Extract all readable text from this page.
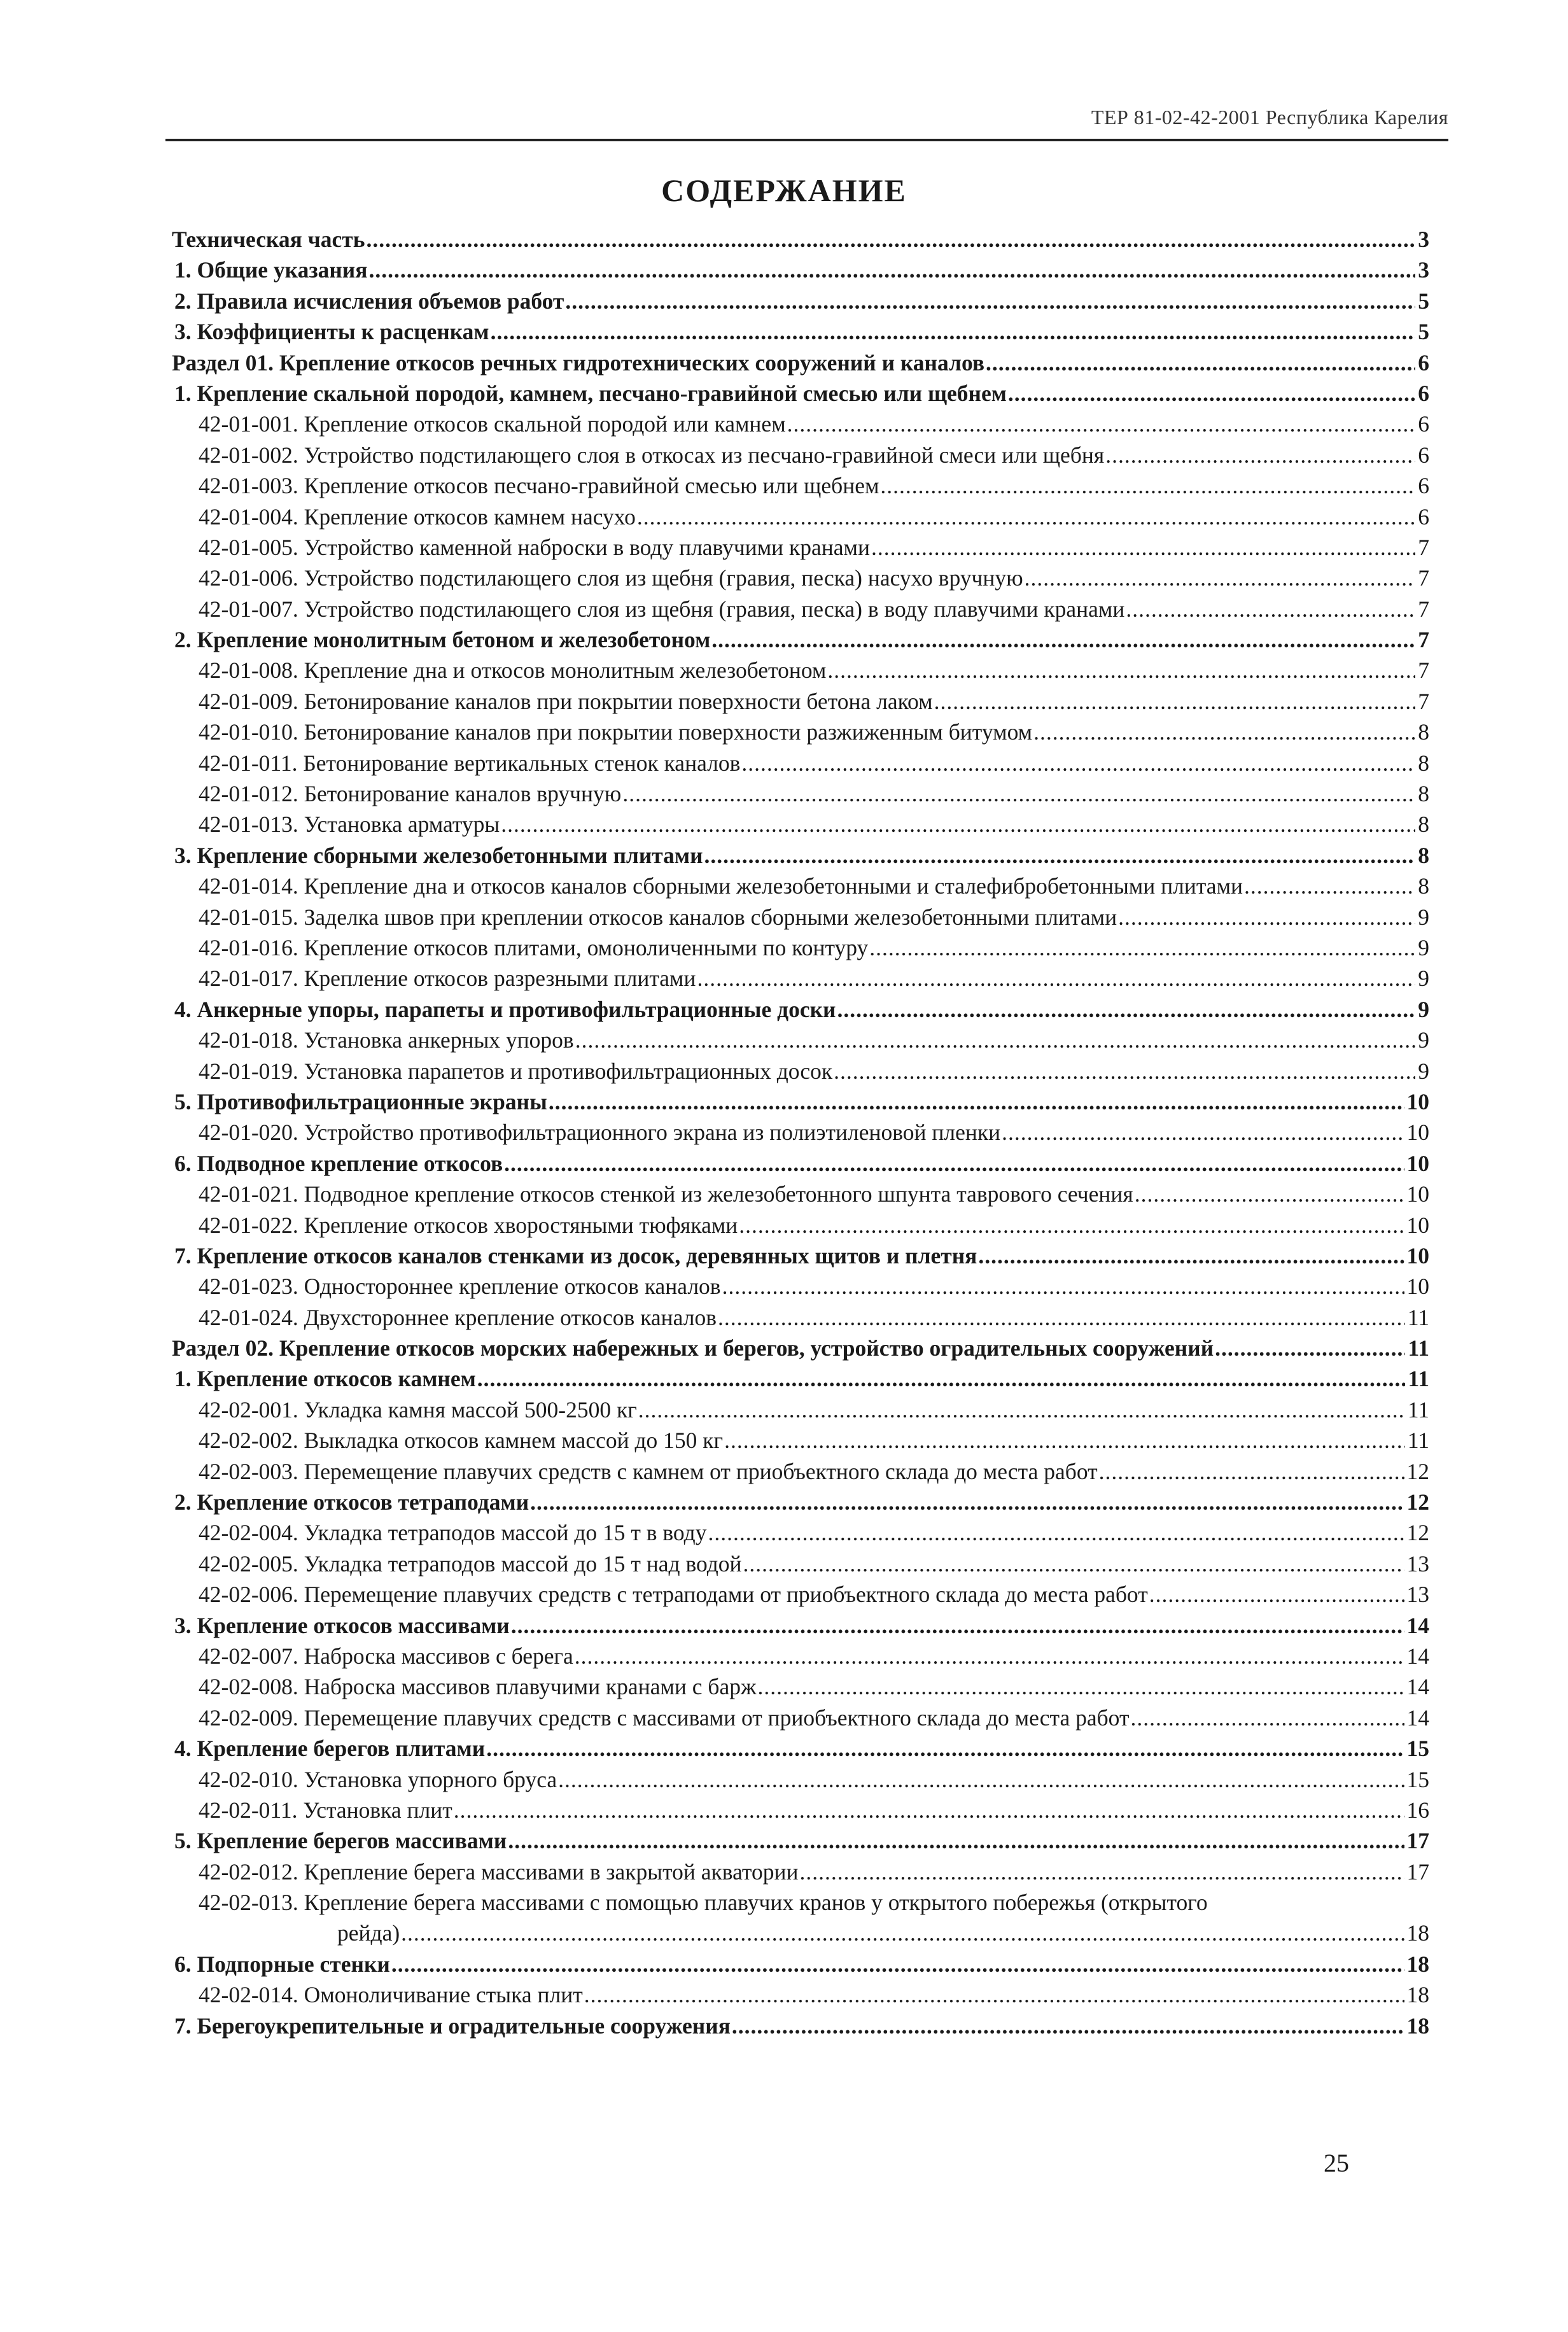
ТЕР 81-02-42-2001 Республика Карелия
СОДЕРЖАНИЕ
Техническая часть .....	3
1. Общие указания .....	3
2. Правила исчисления объемов работ .....	5
3. Коэффициенты к расценкам .....	5
Раздел 01. Крепление откосов речных гидротехнических сооружений и каналов .....	6
1. Крепление скальной породой, камнем, песчано-гравийной смесью или щебнем .....	6
42-01-001. Крепление откосов скальной породой или камнем .....	6
42-01-002. Устройство подстилающего слоя в откосах из песчано-гравийной смеси или щебня .....	6
42-01-003. Крепление откосов песчано-гравийной смесью или щебнем .....	6
42-01-004. Крепление откосов камнем насухо .....	6
42-01-005. Устройство каменной наброски в воду плавучими кранами .....	7
42-01-006. Устройство подстилающего слоя из щебня (гравия, песка) насухо вручную .....	7
42-01-007. Устройство подстилающего слоя из щебня (гравия, песка) в воду плавучими кранами .....	7
2. Крепление монолитным бетоном и железобетоном .....	7
42-01-008. Крепление дна и откосов монолитным железобетоном .....	7
42-01-009. Бетонирование каналов при покрытии поверхности бетона лаком .....	7
42-01-010. Бетонирование каналов при покрытии поверхности разжиженным битумом .....	8
42-01-011. Бетонирование вертикальных стенок каналов .....	8
42-01-012. Бетонирование каналов вручную .....	8
42-01-013. Установка арматуры .....	8
3. Крепление сборными железобетонными плитами .....	8
42-01-014. Крепление дна и откосов каналов сборными железобетонными и сталефибробетонными плитами .....	8
42-01-015. Заделка швов при креплении откосов каналов сборными железобетонными плитами .....	9
42-01-016. Крепление откосов плитами, омоноличенными по контуру .....	9
42-01-017. Крепление откосов разрезными плитами .....	9
4. Анкерные упоры, парапеты и противофильтрационные доски .....	9
42-01-018. Установка анкерных упоров .....	9
42-01-019. Установка парапетов и противофильтрационных досок .....	9
5. Противофильтрационные экраны .....	10
42-01-020. Устройство противофильтрационного экрана из полиэтиленовой пленки .....	10
6. Подводное крепление откосов .....	10
42-01-021. Подводное крепление откосов стенкой из железобетонного шпунта таврового сечения .....	10
42-01-022. Крепление откосов хворостяными тюфяками .....	10
7. Крепление откосов каналов стенками из досок, деревянных щитов и плетня .....	10
42-01-023. Одностороннее крепление откосов каналов .....	10
42-01-024. Двухстороннее крепление откосов каналов .....	11
Раздел 02. Крепление откосов морских набережных и берегов, устройство оградительных сооружений .....	11
1. Крепление откосов камнем .....	11
42-02-001. Укладка камня массой 500-2500 кг .....	11
42-02-002. Выкладка откосов камнем массой до 150 кг .....	11
42-02-003. Перемещение плавучих средств с камнем от приобъектного склада до места работ .....	12
2. Крепление откосов тетраподами .....	12
42-02-004. Укладка тетраподов массой до 15 т в воду .....	12
42-02-005. Укладка тетраподов массой до 15 т над водой .....	13
42-02-006. Перемещение плавучих средств с тетраподами от приобъектного склада до места работ .....	13
3. Крепление откосов массивами .....	14
42-02-007. Наброска массивов с берега .....	14
42-02-008. Наброска массивов плавучими кранами с барж .....	14
42-02-009. Перемещение плавучих средств с массивами от приобъектного склада до места работ .....	14
4. Крепление берегов плитами .....	15
42-02-010. Установка упорного бруса .....	15
42-02-011. Установка плит .....	16
5. Крепление берегов массивами .....	17
42-02-012. Крепление берега массивами в закрытой акватории .....	17
42-02-013. Крепление берега массивами с помощью плавучих кранов у открытого побережья (открытого
рейда) .....	18
6. Подпорные стенки .....	18
42-02-014. Омоноличивание стыка плит .....	18
7. Берегоукрепительные и оградительные сооружения .....	18
25
